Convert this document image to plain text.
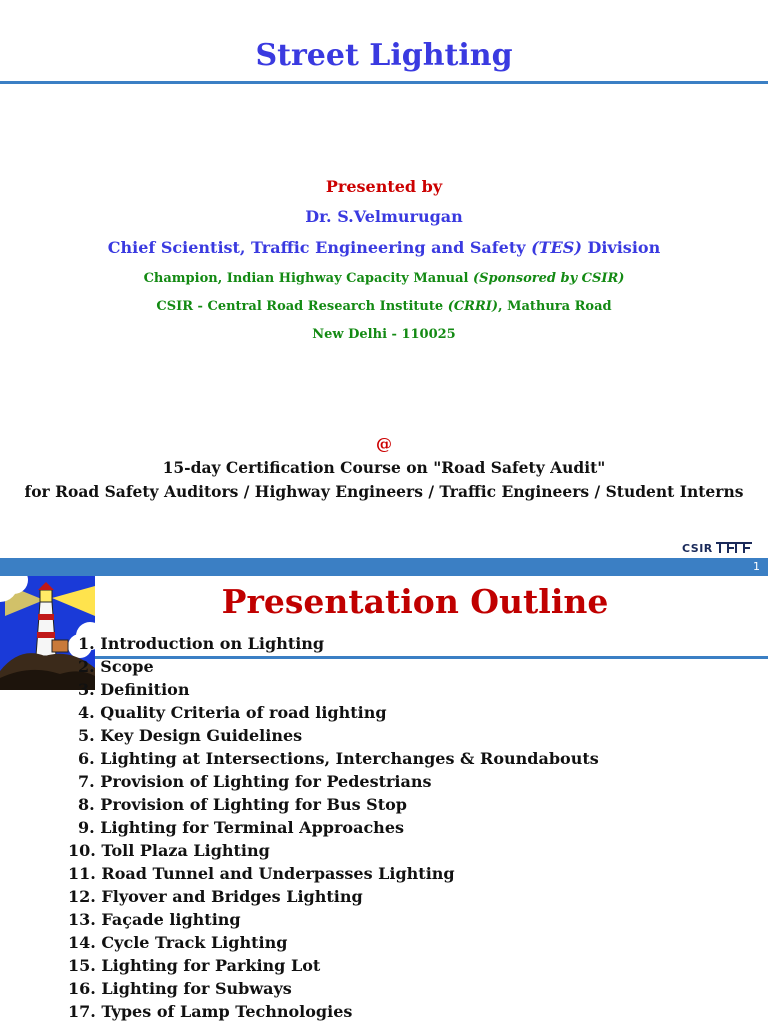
Street Lighting
Presented by
Dr. S.Velmurugan
Chief Scientist, Traffic Engineering and Safety (TES) Division
Champion, Indian Highway Capacity Manual (Sponsored by CSIR)
CSIR - Central Road Research Institute (CRRI), Mathura Road
New Delhi - 110025
@
15-day Certification Course on "Road Safety Audit"
for Road Safety Auditors / Highway Engineers / Traffic Engineers / Student Interns
CSIR
1
Presentation Outline
1. Introduction on Lighting
2. Scope
3. Definition
4. Quality Criteria of road lighting
5. Key Design Guidelines
6. Lighting at Intersections, Interchanges & Roundabouts
7. Provision of Lighting for Pedestrians
8. Provision of Lighting for Bus Stop
9. Lighting for Terminal Approaches
10. Toll Plaza Lighting
11. Road Tunnel and Underpasses Lighting
12. Flyover and Bridges Lighting
13. Façade lighting
14. Cycle Track Lighting
15. Lighting for Parking Lot
16. Lighting for Subways
17. Types of Lamp Technologies
